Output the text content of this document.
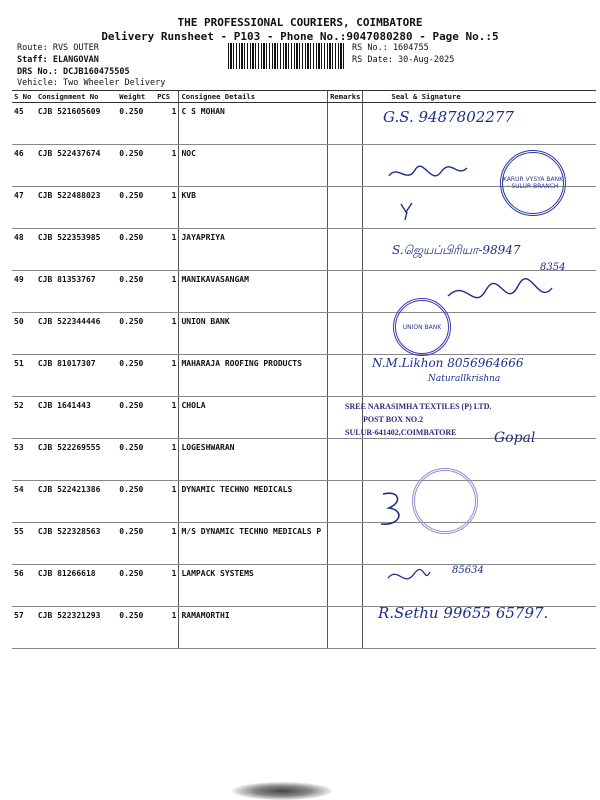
THE PROFESSIONAL COURIERS, COIMBATORE
Delivery Runsheet - P103 - Phone No.:9047080280 - Page No.:5
Route: RVS OUTER
Staff: ELANGOVAN
DRS No.: DCJB160475505
Vehicle: Two Wheeler Delivery
RS No.: 1604755
RS Date: 30-Aug-2025
S No	Consignment No	Weight	PCS	Consignee Details	Remarks	Seal & Signature
45	CJB 521605609	0.250	1	C S MOHAN		
46	CJB 522437674	0.250	1	NOC		
47	CJB 522488023	0.250	1	KVB		
48	CJB 522353985	0.250	1	JAYAPRIYA		
49	CJB 81353767	0.250	1	MANIKAVASANGAM		
50	CJB 522344446	0.250	1	UNION BANK		
51	CJB 81017307	0.250	1	MAHARAJA ROOFING PRODUCTS		
52	CJB 1641443	0.250	1	CHOLA		
53	CJB 522269555	0.250	1	LOGESHWARAN		
54	CJB 522421386	0.250	1	DYNAMIC TECHNO MEDICALS		
55	CJB 522328563	0.250	1	M/S DYNAMIC TECHNO MEDICALS P		
56	CJB 81266618	0.250	1	LAMPACK SYSTEMS		
57	CJB 522321293	0.250	1	RAMAMORTHI		
G.S. 9487802277
KARUR VYSYA BANK · SULUR BRANCH
S.ஜெயப்பிரியா-98947
8354
UNION BANK
N.M.Likhon 8056964666
Naturallkrishna
SREE NARASIMHA TEXTILES (P) LTD.
POST BOX NO.2
SULUR-641402,COIMBATORE	Gopal
85634
R.Sethu 99655 65797.
